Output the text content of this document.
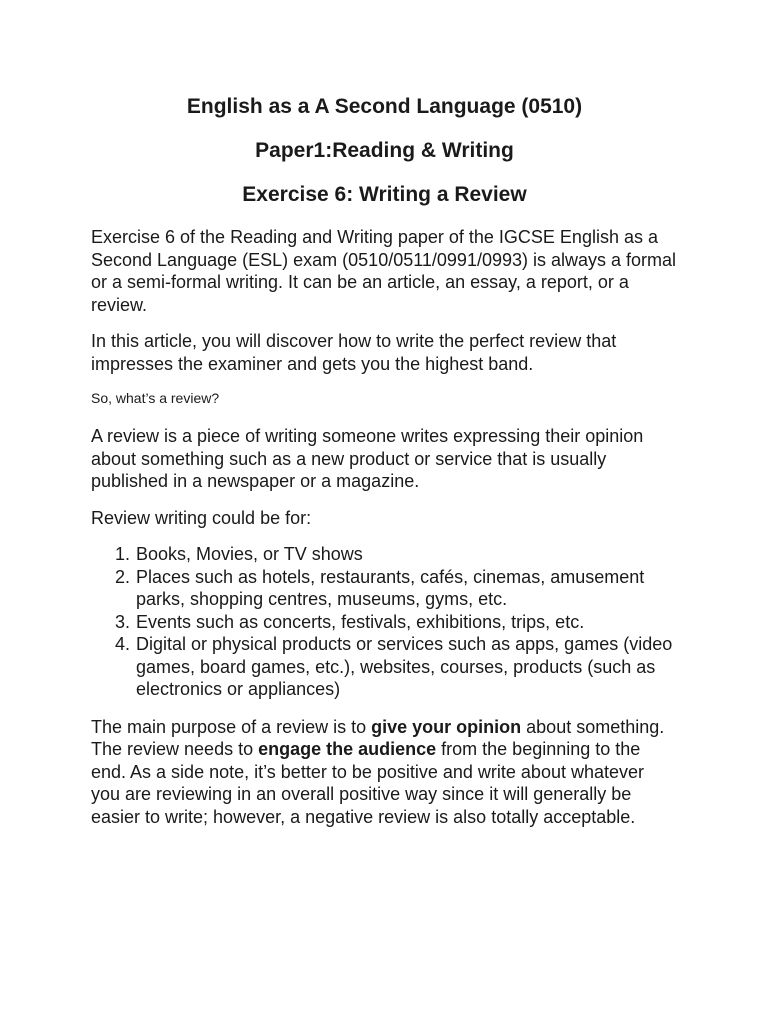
English as a A Second Language (0510)
Paper1:Reading & Writing
Exercise 6: Writing a Review

Exercise 6 of the Reading and Writing paper of the IGCSE English as a Second Language (ESL) exam (0510/0511/0991/0993) is always a formal or a semi-formal writing. It can be an article, an essay, a report, or a review.

In this article, you will discover how to write the perfect review that impresses the examiner and gets you the highest band.

So, what’s a review?

A review is a piece of writing someone writes expressing their opinion about something such as a new product or service that is usually published in a newspaper or a magazine.

Review writing could be for:

1. Books, Movies, or TV shows
2. Places such as hotels, restaurants, cafés, cinemas, amusement parks, shopping centres, museums, gyms, etc.
3. Events such as concerts, festivals, exhibitions, trips, etc.
4. Digital or physical products or services such as apps, games (video games, board games, etc.), websites, courses, products (such as electronics or appliances)

The main purpose of a review is to give your opinion about something. The review needs to engage the audience from the beginning to the end. As a side note, it’s better to be positive and write about whatever you are reviewing in an overall positive way since it will generally be easier to write; however, a negative review is also totally acceptable.
